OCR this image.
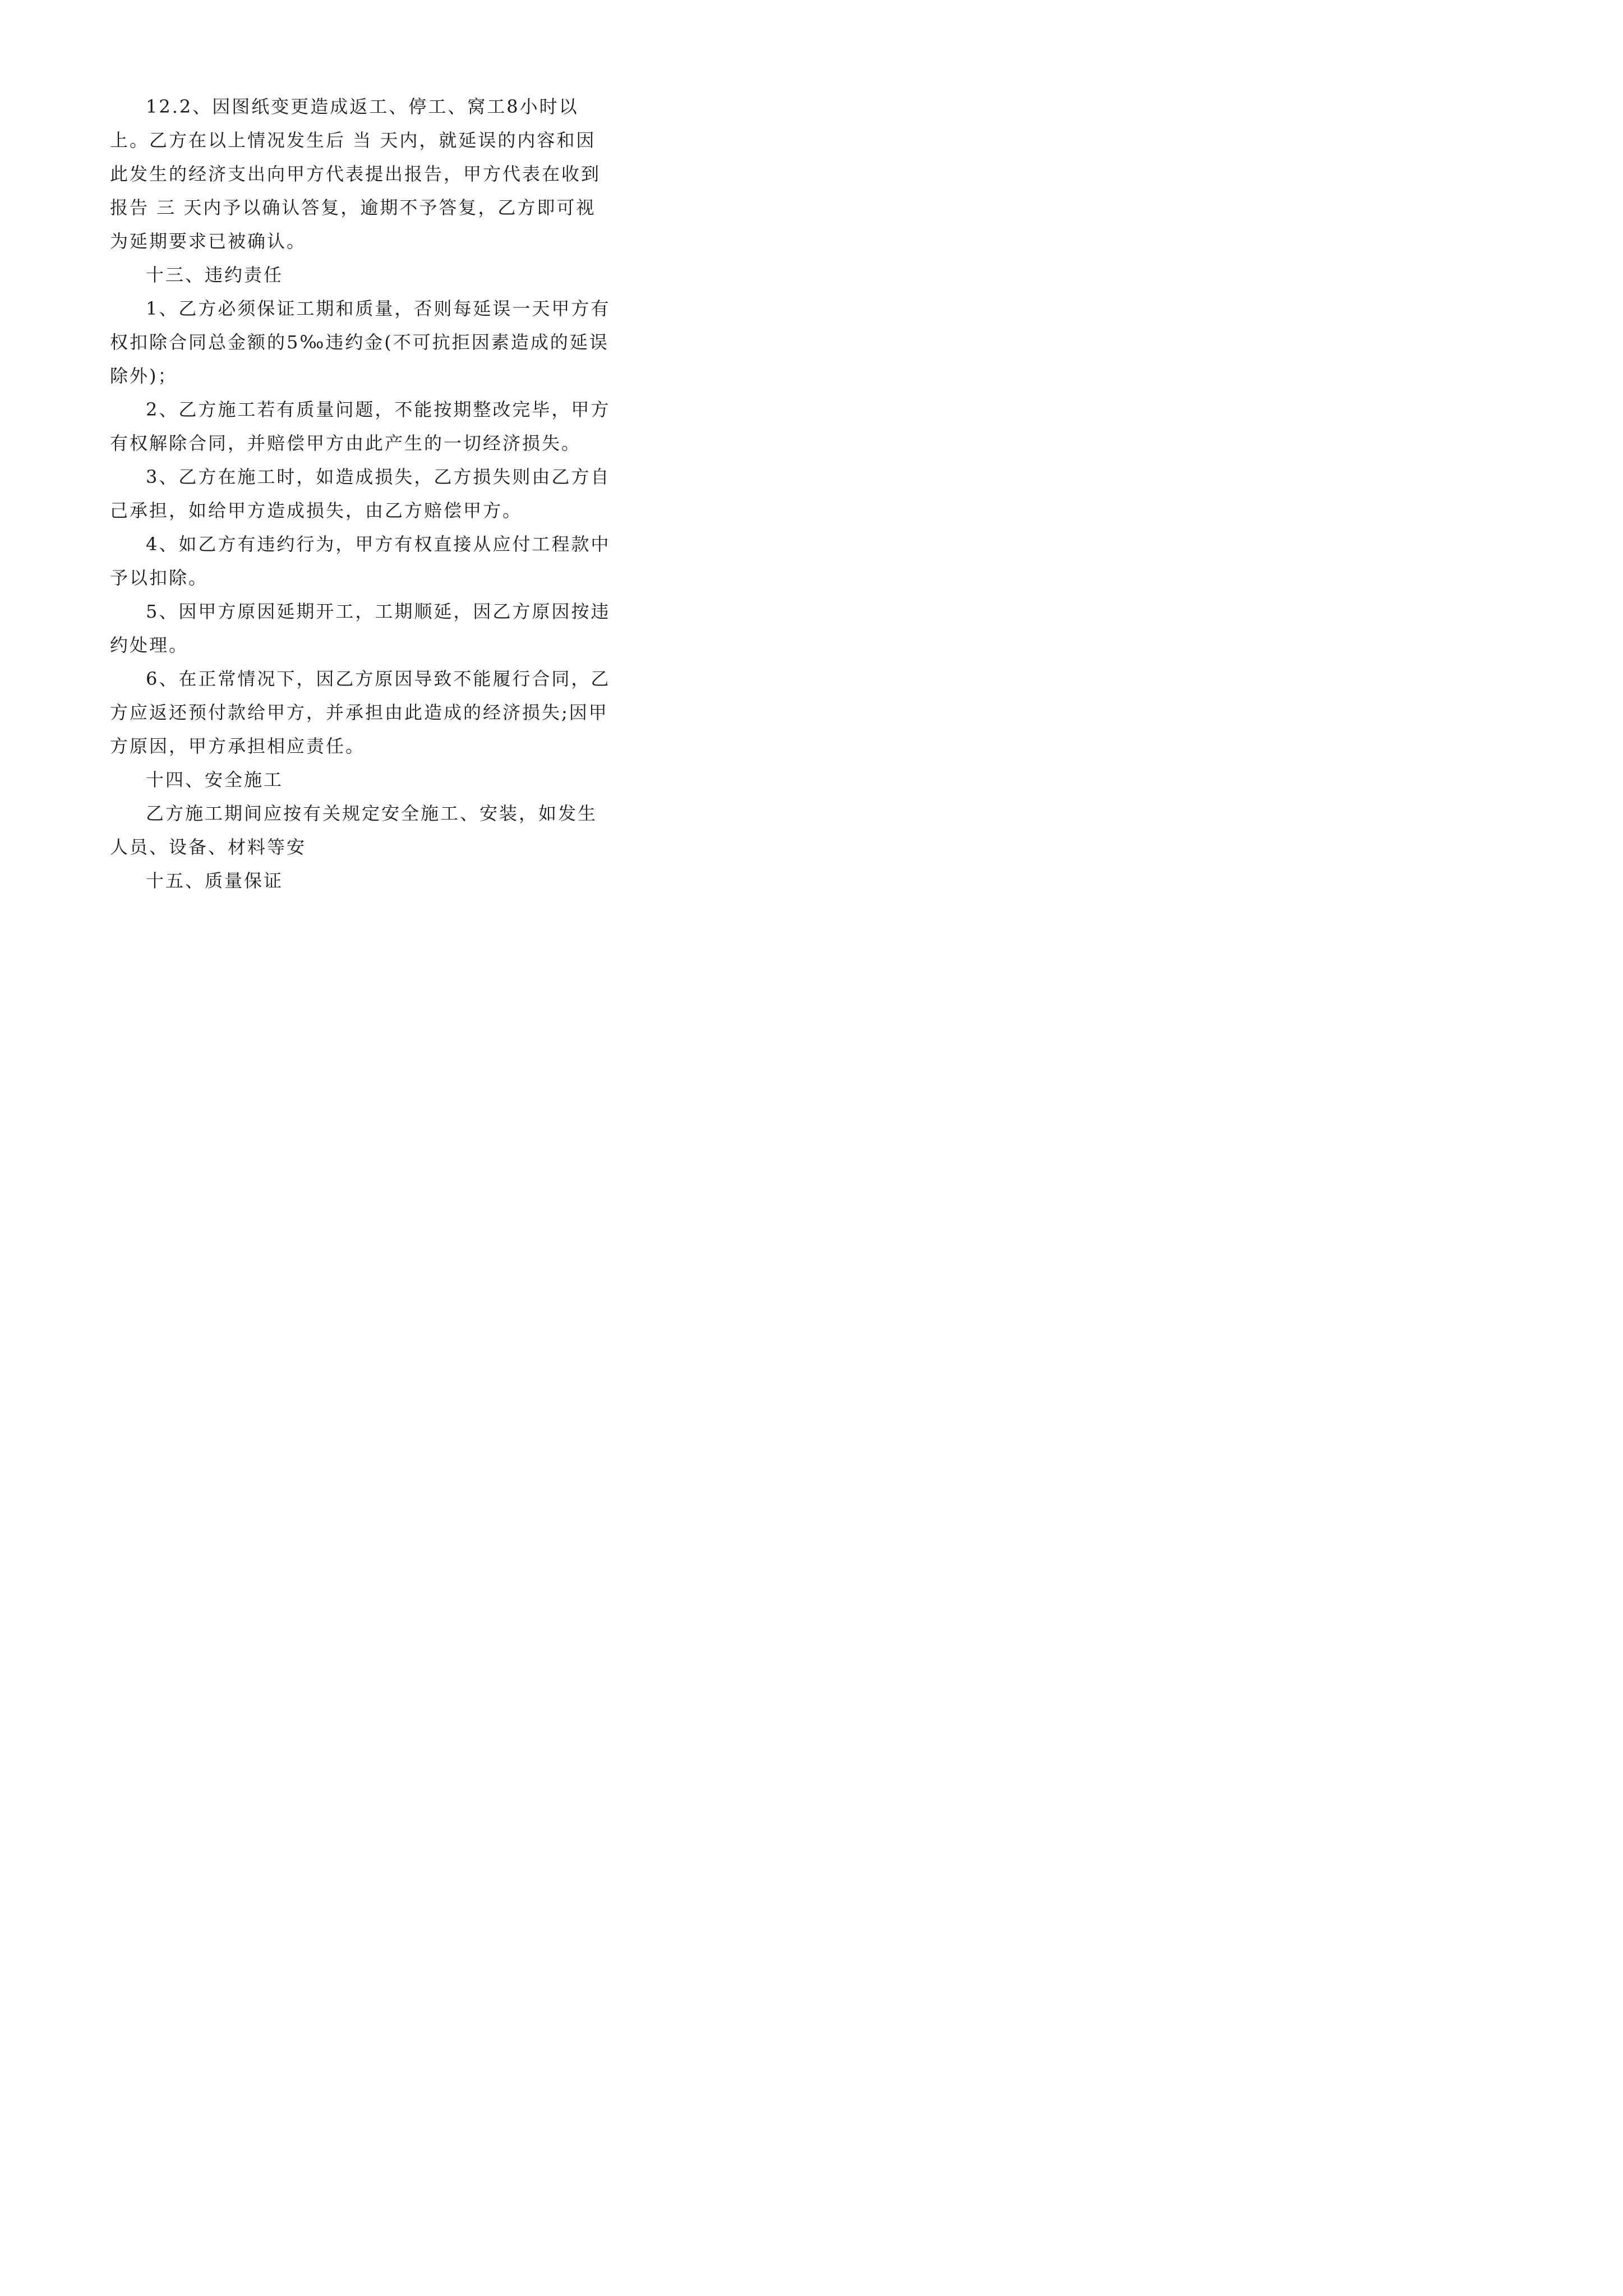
12.2、因图纸变更造成返工、停工、窝工8小时以上。乙方在以上情况发生后 当 天内，就延误的内容和因此发生的经济支出向甲方代表提出报告，甲方代表在收到报告 三 天内予以确认答复，逾期不予答复，乙方即可视为延期要求已被确认。

十三、违约责任

1、乙方必须保证工期和质量，否则每延误一天甲方有权扣除合同总金额的5‰违约金(不可抗拒因素造成的延误除外)；

2、乙方施工若有质量问题，不能按期整改完毕，甲方有权解除合同，并赔偿甲方由此产生的一切经济损失。

3、乙方在施工时，如造成损失，乙方损失则由乙方自己承担，如给甲方造成损失，由乙方赔偿甲方。

4、如乙方有违约行为，甲方有权直接从应付工程款中予以扣除。

5、因甲方原因延期开工，工期顺延，因乙方原因按违约处理。

6、在正常情况下，因乙方原因导致不能履行合同，乙方应返还预付款给甲方，并承担由此造成的经济损失;因甲方原因，甲方承担相应责任。

十四、安全施工

乙方施工期间应按有关规定安全施工、安装，如发生人员、设备、材料等安

十五、质量保证
